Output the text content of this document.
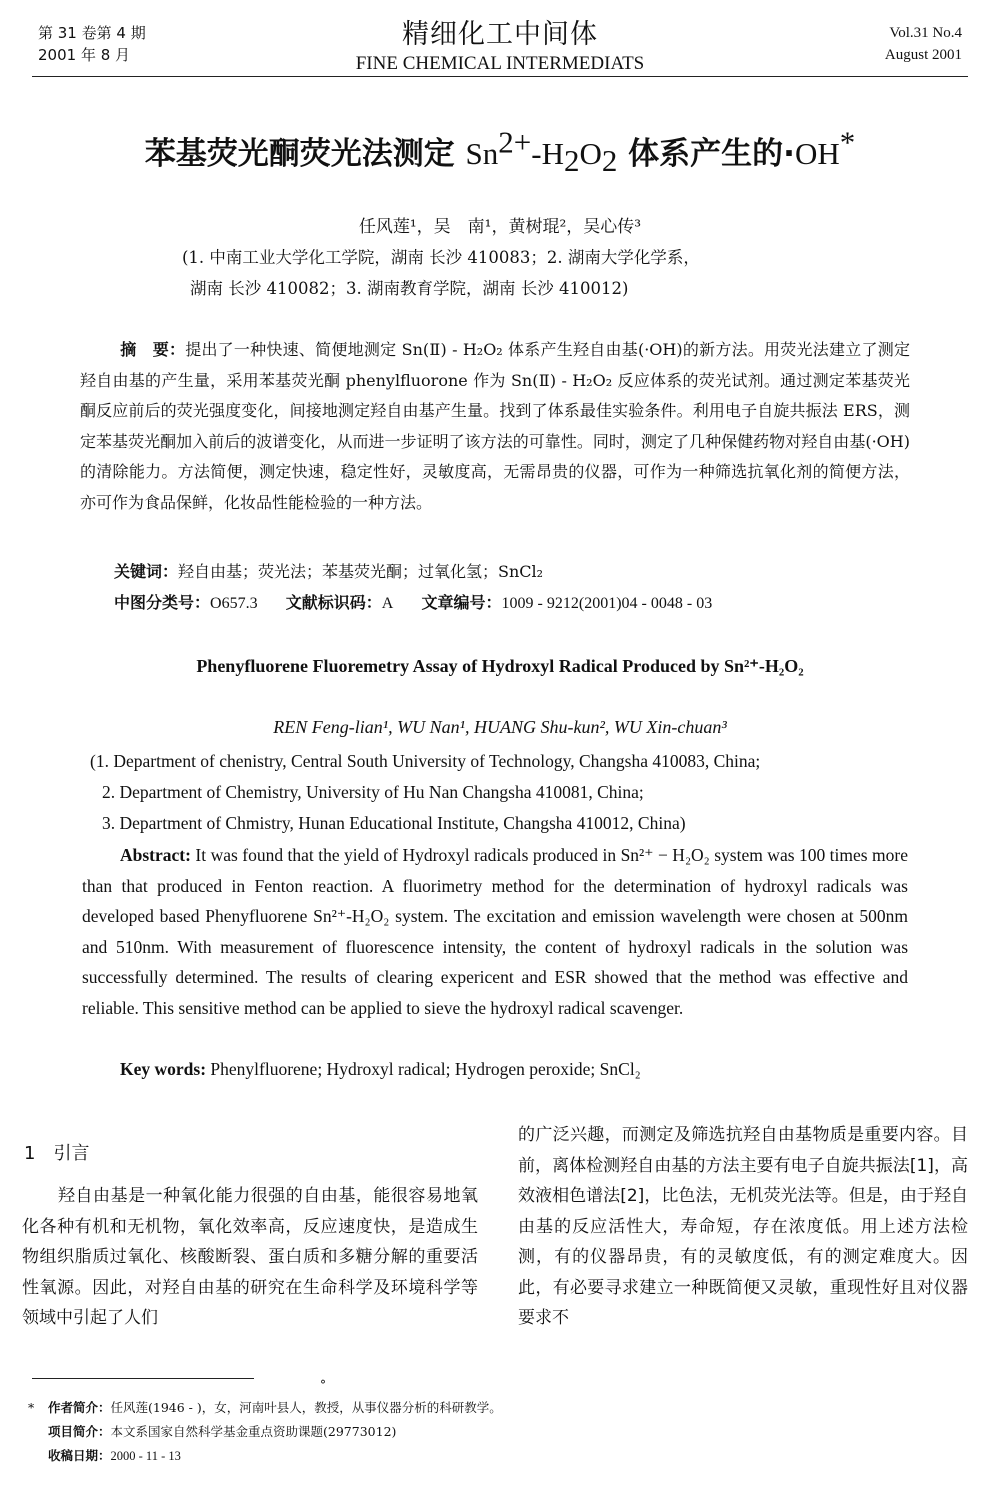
第 31 卷第 4 期
2001 年 8 月
精细化工中间体
FINE CHEMICAL INTERMEDIATS
Vol.31 No.4
August 2001
苯基荧光酮荧光法测定 $Sn^{2+}-H_2O_2$ 体系产生的·OH*
任风莲¹，吴　南¹，黄树琨²，吴心传³
(1. 中南工业大学化工学院，湖南 长沙 410083；2. 湖南大学化学系，
湖南 长沙 410082；3. 湖南教育学院，湖南 长沙 410012)
摘　要：提出了一种快速、简便地测定 Sn(Ⅱ) - H₂O₂ 体系产生羟自由基(·OH)的新方法。用荧光法建立了测定羟自由基的产生量，采用苯基荧光酮 phenylfluorone 作为 Sn(Ⅱ) - H₂O₂ 反应体系的荧光试剂。通过测定苯基荧光酮反应前后的荧光强度变化，间接地测定羟自由基产生量。找到了体系最佳实验条件。利用电子自旋共振法 ERS，测定苯基荧光酮加入前后的波谱变化，从而进一步证明了该方法的可靠性。同时，测定了几种保健药物对羟自由基(·OH)的清除能力。方法简便，测定快速，稳定性好，灵敏度高，无需昂贵的仪器，可作为一种筛选抗氧化剂的简便方法，亦可作为食品保鲜，化妆品性能检验的一种方法。
关键词：羟自由基；荧光法；苯基荧光酮；过氧化氢；SnCl₂
中图分类号：O657.3 文献标识码：A 文章编号：1009 - 9212(2001)04 - 0048 - 03
Phenyfluorene Fluoremetry Assay of Hydroxyl Radical Produced by Sn²⁺-H₂O₂
REN Feng-lian¹, WU Nan¹, HUANG Shu-kun², WU Xin-chuan³
(1. Department of chenistry, Central South University of Technology, Changsha 410083, China;
2. Department of Chemistry, University of Hu Nan Changsha 410081, China;
3. Department of Chmistry, Hunan Educational Institute, Changsha 410012, China)
Abstract: It was found that the yield of Hydroxyl radicals produced in Sn²⁺ − H₂O₂ system was 100 times more than that produced in Fenton reaction. A fluorimetry method for the determination of hydroxyl radicals was developed based Phenyfluorene Sn²⁺-H₂O₂ system. The excitation and emission wavelength were chosen at 500nm and 510nm. With measurement of fluorescence intensity, the content of hydroxyl radicals in the solution was successfully determined. The results of clearing expericent and ESR showed that the method was effective and reliable. This sensitive method can be applied to sieve the hydroxyl radical scavenger.
Key words: Phenylfluorene; Hydroxyl radical; Hydrogen peroxide; SnCl₂
1　引言
羟自由基是一种氧化能力很强的自由基，能很容易地氧化各种有机和无机物，氧化效率高，反应速度快，是造成生物组织脂质过氧化、核酸断裂、蛋白质和多糖分解的重要活性氧源。因此，对羟自由基的研究在生命科学及环境科学等领域中引起了人们
的广泛兴趣，而测定及筛选抗羟自由基物质是重要内容。目前，离体检测羟自由基的方法主要有电子自旋共振法[1]，高效液相色谱法[2]，比色法，无机荧光法等。但是，由于羟自由基的反应活性大，寿命短，存在浓度低。用上述方法检测，有的仪器昂贵，有的灵敏度低，有的测定难度大。因此，有必要寻求建立一种既简便又灵敏，重现性好且对仪器要求不
°
* 作者简介：任风莲(1946 - )，女，河南叶县人，教授，从事仪器分析的科研教学。
项目简介：本文系国家自然科学基金重点资助课题(29773012)
收稿日期：2000 - 11 - 13
